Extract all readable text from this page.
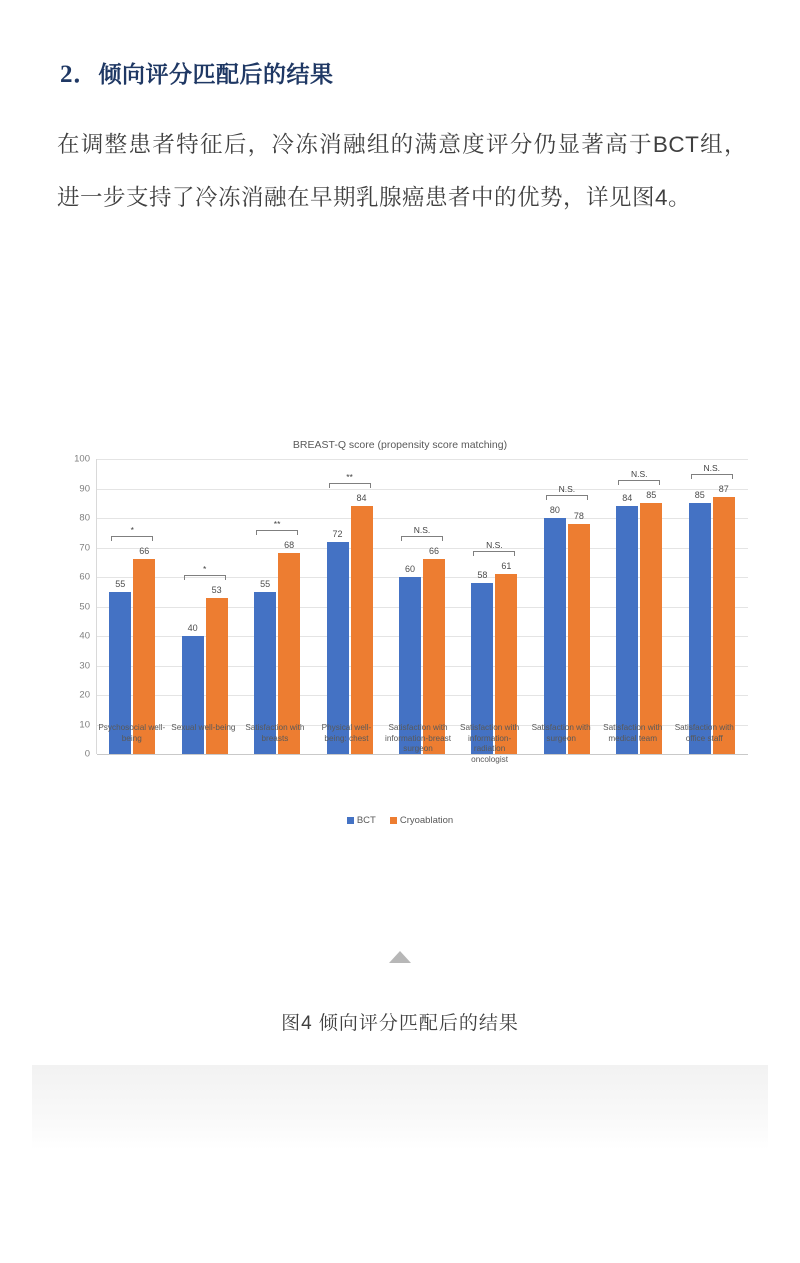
2．倾向评分匹配后的结果
在调整患者特征后，冷冻消融组的满意度评分仍显著高于BCT组，进一步支持了冷冻消融在早期乳腺癌患者中的优势，详见图4。
BREAST-Q score (propensity score matching)
0
10
20
30
40
50
60
70
80
90
100
55
66
*
40
53
*
55
68
**
72
84
**
60
66
N.S.
58
61
N.S.
80
78
N.S.
84 85
N.S.
85
87
N.S.
Psychosocial well-being
Sexual well-being	Satisfaction with breasts
Physical well-being: chest
Satisfaction with information-breast surgeon
Satisfaction with information-radiation oncologist
Satisfaction with surgeon
Satisfaction with medical team
Satisfaction with office staff
BCT	Cryoablation
图4 倾向评分匹配后的结果
